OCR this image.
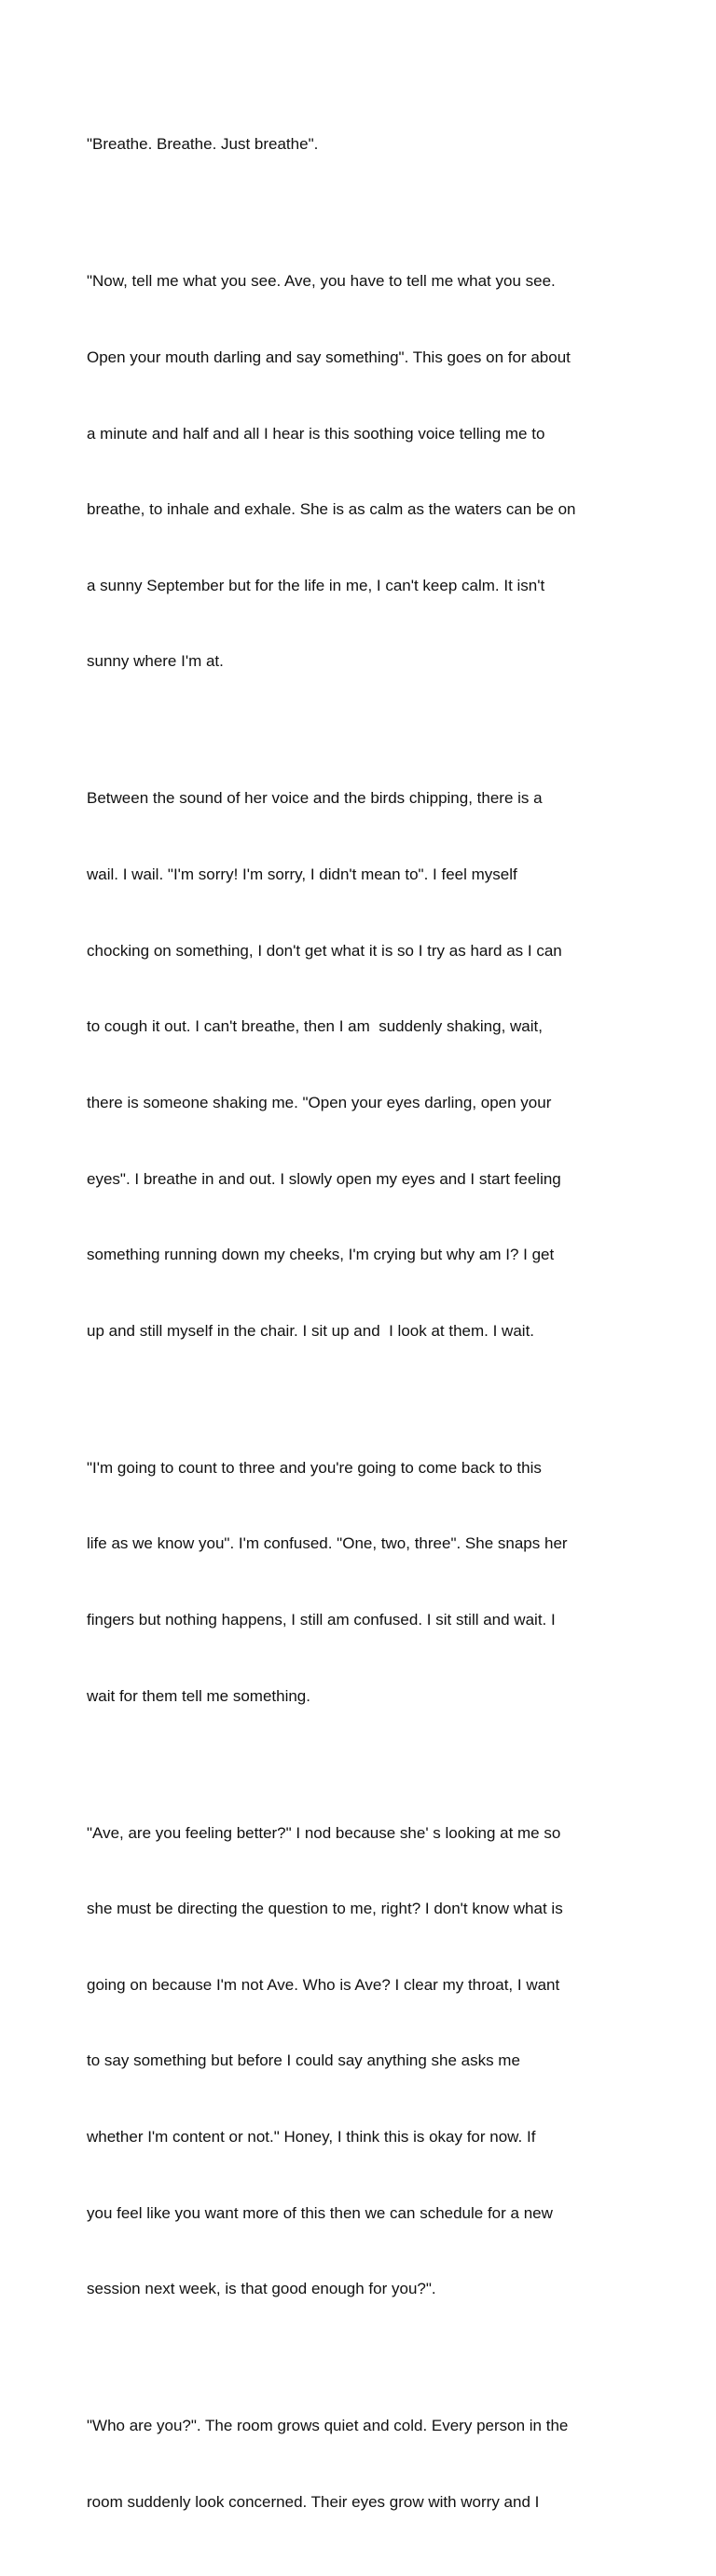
"Breathe. Breathe. Just breathe".

"Now, tell me what you see. Ave, you have to tell me what you see.

Open your mouth darling and say something". This goes on for about

a minute and half and all I hear is this soothing voice telling me to

breathe, to inhale and exhale. She is as calm as the waters can be on

a sunny September but for the life in me, I can't keep calm. It isn't

sunny where I'm at.

Between the sound of her voice and the birds chipping, there is a

wail. I wail. "I'm sorry! I'm sorry, I didn't mean to". I feel myself

chocking on something, I don't get what it is so I try as hard as I can

to cough it out. I can't breathe, then I am  suddenly shaking, wait,

there is someone shaking me. "Open your eyes darling, open your

eyes". I breathe in and out. I slowly open my eyes and I start feeling

something running down my cheeks, I'm crying but why am I? I get

up and still myself in the chair. I sit up and  I look at them. I wait.

"I'm going to count to three and you're going to come back to this

life as we know you". I'm confused. "One, two, three". She snaps her

fingers but nothing happens, I still am confused. I sit still and wait. I

wait for them tell me something.

"Ave, are you feeling better?" I nod because she' s looking at me so

she must be directing the question to me, right? I don't know what is

going on because I'm not Ave. Who is Ave? I clear my throat, I want

to say something but before I could say anything she asks me

whether I'm content or not." Honey, I think this is okay for now. If

you feel like you want more of this then we can schedule for a new

session next week, is that good enough for you?".

"Who are you?". The room grows quiet and cold. Every person in the

room suddenly look concerned. Their eyes grow with worry and I
